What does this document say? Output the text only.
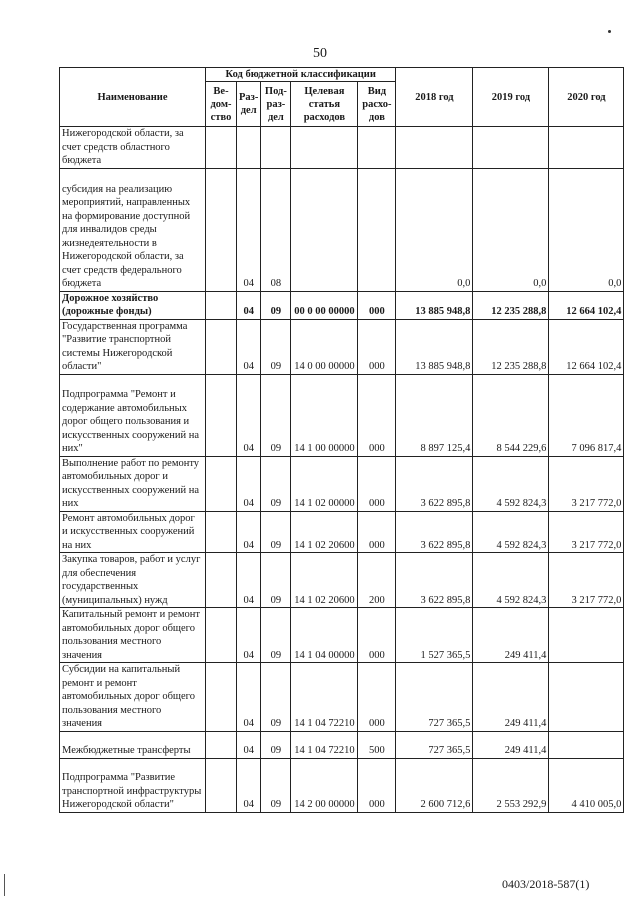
50
Наименование	Код бюджетной классификации					2018 год	2019 год	2020 год
	Ве-дом-ство	Раз-дел	Под-раз-дел	Целевая статья расходов	Вид расхо-дов			
Нижегородской области, за счет средств областного бюджета								
субсидия на реализацию мероприятий, направленных на формирование доступной для инвалидов среды жизнедеятельности в Нижегородской области, за счет средств федерального бюджета		04	08			0,0	0,0	0,0
Дорожное хозяйство (дорожные фонды)		04	09	00 0 00 00000	000	13 885 948,8	12 235 288,8	12 664 102,4
Государственная программа "Развитие транспортной системы Нижегородской области"		04	09	14 0 00 00000	000	13 885 948,8	12 235 288,8	12 664 102,4
Подпрограмма "Ремонт и содержание автомобильных дорог общего пользования и искусственных сооружений на них"		04	09	14 1 00 00000	000	8 897 125,4	8 544 229,6	7 096 817,4
Выполнение работ по ремонту автомобильных дорог и искусственных сооружений на них		04	09	14 1 02 00000	000	3 622 895,8	4 592 824,3	3 217 772,0
Ремонт автомобильных дорог и искусственных сооружений на них		04	09	14 1 02 20600	000	3 622 895,8	4 592 824,3	3 217 772,0
Закупка товаров, работ и услуг для обеспечения государственных (муниципальных) нужд		04	09	14 1 02 20600	200	3 622 895,8	4 592 824,3	3 217 772,0
Капитальный ремонт и ремонт автомобильных дорог общего пользования местного значения		04	09	14 1 04 00000	000	1 527 365,5	249 411,4	
Субсидии на капитальный ремонт и ремонт автомобильных дорог общего пользования местного значения		04	09	14 1 04 72210	000	727 365,5	249 411,4	
Межбюджетные трансферты		04	09	14 1 04 72210	500	727 365,5	249 411,4	
Подпрограмма "Развитие транспортной инфраструктуры Нижегородской области"		04	09	14 2 00 00000	000	2 600 712,6	2 553 292,9	4 410 005,0
0403/2018-587(1)
